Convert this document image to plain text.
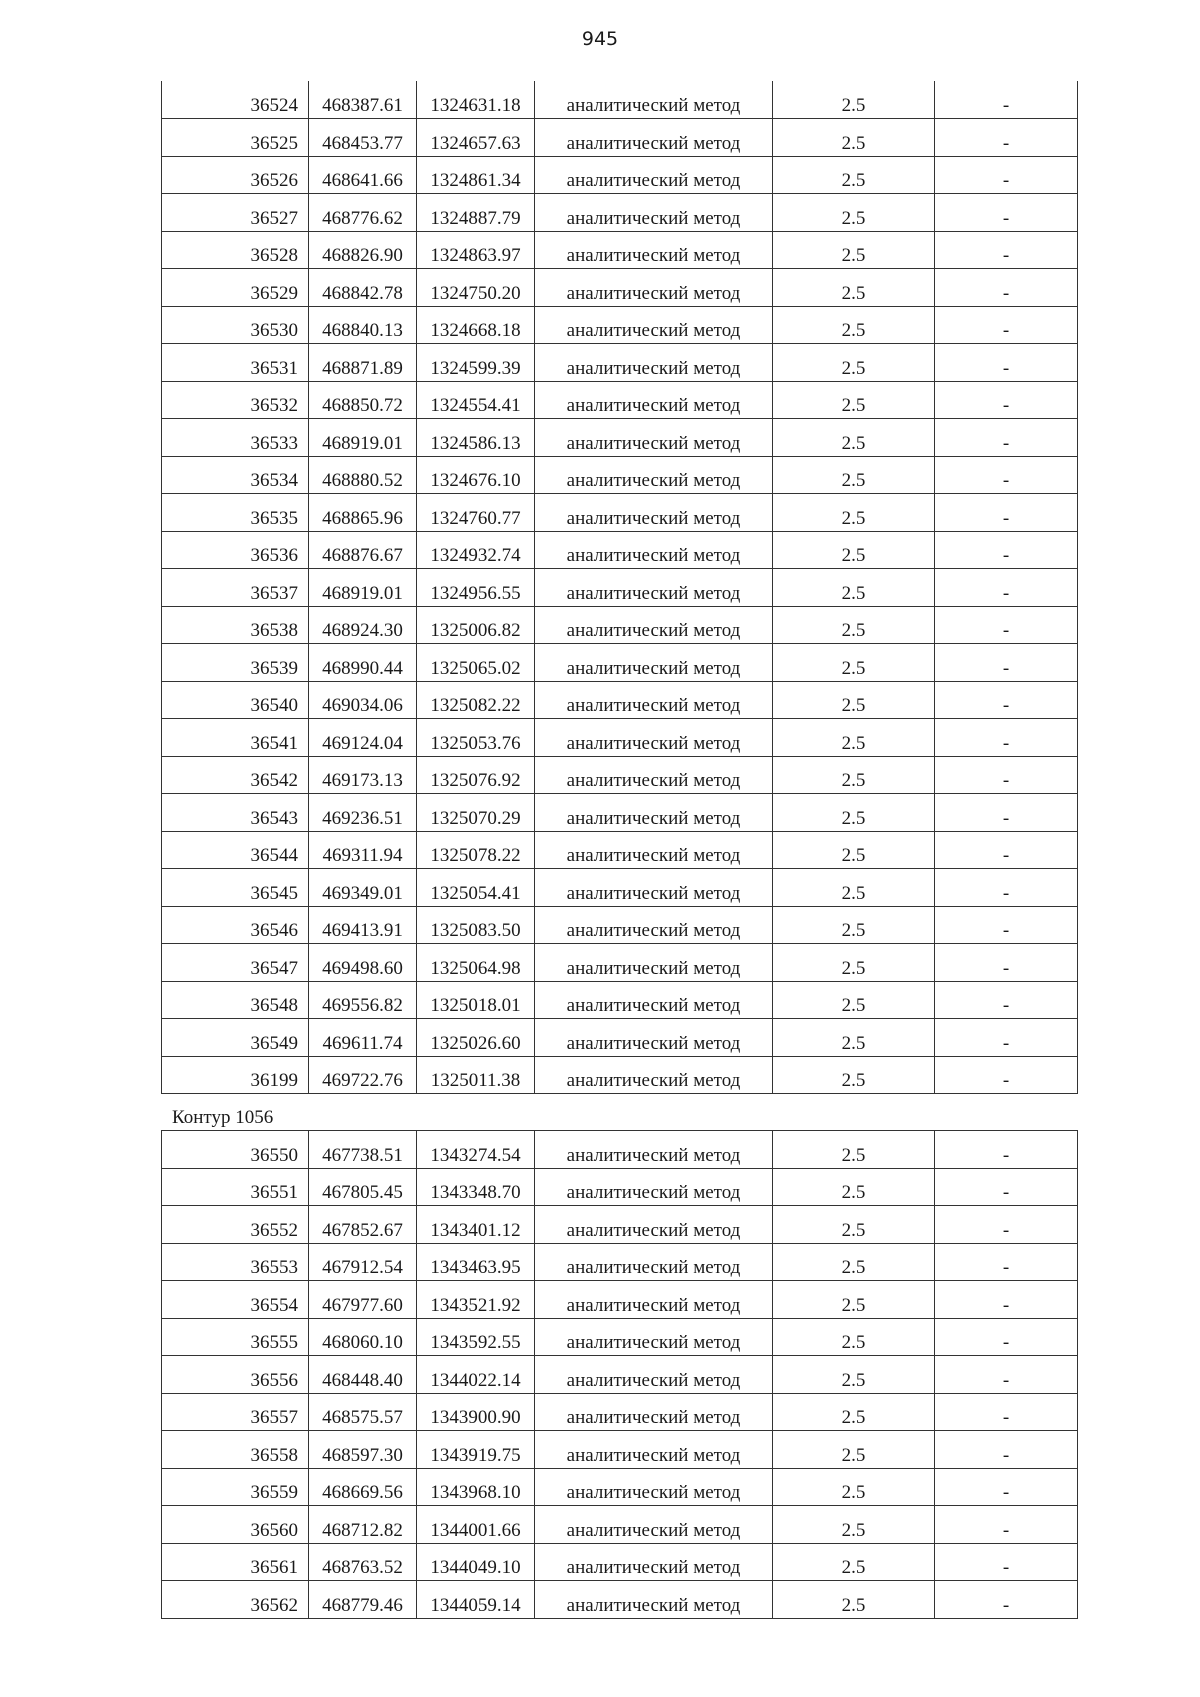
945
36524	468387.61	1324631.18	аналитический метод	2.5	-
36525	468453.77	1324657.63	аналитический метод	2.5	-
36526	468641.66	1324861.34	аналитический метод	2.5	-
36527	468776.62	1324887.79	аналитический метод	2.5	-
36528	468826.90	1324863.97	аналитический метод	2.5	-
36529	468842.78	1324750.20	аналитический метод	2.5	-
36530	468840.13	1324668.18	аналитический метод	2.5	-
36531	468871.89	1324599.39	аналитический метод	2.5	-
36532	468850.72	1324554.41	аналитический метод	2.5	-
36533	468919.01	1324586.13	аналитический метод	2.5	-
36534	468880.52	1324676.10	аналитический метод	2.5	-
36535	468865.96	1324760.77	аналитический метод	2.5	-
36536	468876.67	1324932.74	аналитический метод	2.5	-
36537	468919.01	1324956.55	аналитический метод	2.5	-
36538	468924.30	1325006.82	аналитический метод	2.5	-
36539	468990.44	1325065.02	аналитический метод	2.5	-
36540	469034.06	1325082.22	аналитический метод	2.5	-
36541	469124.04	1325053.76	аналитический метод	2.5	-
36542	469173.13	1325076.92	аналитический метод	2.5	-
36543	469236.51	1325070.29	аналитический метод	2.5	-
36544	469311.94	1325078.22	аналитический метод	2.5	-
36545	469349.01	1325054.41	аналитический метод	2.5	-
36546	469413.91	1325083.50	аналитический метод	2.5	-
36547	469498.60	1325064.98	аналитический метод	2.5	-
36548	469556.82	1325018.01	аналитический метод	2.5	-
36549	469611.74	1325026.60	аналитический метод	2.5	-
36199	469722.76	1325011.38	аналитический метод	2.5	-
Контур 1056
36550	467738.51	1343274.54	аналитический метод	2.5	-
36551	467805.45	1343348.70	аналитический метод	2.5	-
36552	467852.67	1343401.12	аналитический метод	2.5	-
36553	467912.54	1343463.95	аналитический метод	2.5	-
36554	467977.60	1343521.92	аналитический метод	2.5	-
36555	468060.10	1343592.55	аналитический метод	2.5	-
36556	468448.40	1344022.14	аналитический метод	2.5	-
36557	468575.57	1343900.90	аналитический метод	2.5	-
36558	468597.30	1343919.75	аналитический метод	2.5	-
36559	468669.56	1343968.10	аналитический метод	2.5	-
36560	468712.82	1344001.66	аналитический метод	2.5	-
36561	468763.52	1344049.10	аналитический метод	2.5	-
36562	468779.46	1344059.14	аналитический метод	2.5	-
